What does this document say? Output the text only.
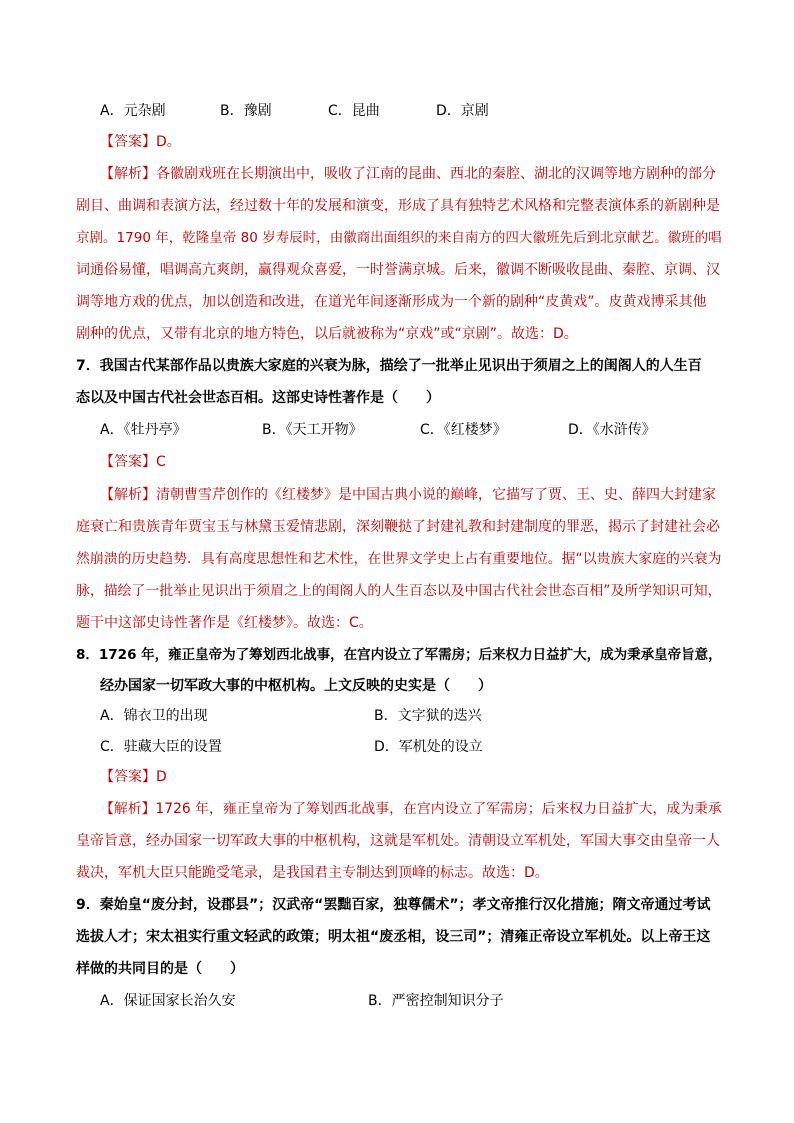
A．元杂剧	B．豫剧	C．昆曲	D．京剧
【答案】D。
【解析】各徽剧戏班在长期演出中，吸收了江南的昆曲、西北的秦腔、湖北的汉调等地方剧种的部分
剧目、曲调和表演方法，经过数十年的发展和演变，形成了具有独特艺术风格和完整表演体系的新剧种是
京剧。1790 年，乾隆皇帝 80 岁寿辰时，由徽商出面组织的来自南方的四大徽班先后到北京献艺。徽班的唱
词通俗易懂，唱调高亢爽朗，赢得观众喜爱，一时誉满京城。后来，徽调不断吸收昆曲、秦腔、京调、汉
调等地方戏的优点，加以创造和改进，在道光年间逐渐形成为一个新的剧种“皮黄戏”。皮黄戏博采其他
剧种的优点，又带有北京的地方特色，以后就被称为“京戏”或“京剧”。故选：D。
7．我国古代某部作品以贵族大家庭的兴衰为脉，描绘了一批举止见识出于须眉之上的闺阁人的人生百
态以及中国古代社会世态百相。这部史诗性著作是（　　）
A．《牡丹亭》	B．《天工开物》	C．《红楼梦》	D．《水浒传》
【答案】C
【解析】清朝曹雪芹创作的《红楼梦》是中国古典小说的巅峰，它描写了贾、王、史、薛四大封建家
庭衰亡和贵族青年贾宝玉与林黛玉爱情悲剧，深刻鞭挞了封建礼教和封建制度的罪恶，揭示了封建社会必
然崩溃的历史趋势．具有高度思想性和艺术性，在世界文学史上占有重要地位。据“以贵族大家庭的兴衰为
脉，描绘了一批举止见识出于须眉之上的闺阁人的人生百态以及中国古代社会世态百相”及所学知识可知，
题干中这部史诗性著作是《红楼梦》。故选：C。
8．1726 年，雍正皇帝为了筹划西北战事，在宫内设立了军需房；后来权力日益扩大，成为秉承皇帝旨意，
经办国家一切军政大事的中枢机构。上文反映的史实是（　　）
A．锦衣卫的出现	B．文字狱的迭兴
C．驻藏大臣的设置	D．军机处的设立
【答案】D
【解析】1726 年，雍正皇帝为了筹划西北战事，在宫内设立了军需房；后来权力日益扩大，成为秉承
皇帝旨意，经办国家一切军政大事的中枢机构，这就是军机处。清朝设立军机处，军国大事交由皇帝一人
裁决，军机大臣只能跪受笔录，是我国君主专制达到顶峰的标志。故选：D。
9．秦始皇“废分封，设郡县”；汉武帝“罢黜百家，独尊儒术”；孝文帝推行汉化措施；隋文帝通过考试
选拔人才；宋太祖实行重文轻武的政策；明太祖“废丞相，设三司”；清雍正帝设立军机处。以上帝王这
样做的共同目的是（　　）
A．保证国家长治久安	B．严密控制知识分子
